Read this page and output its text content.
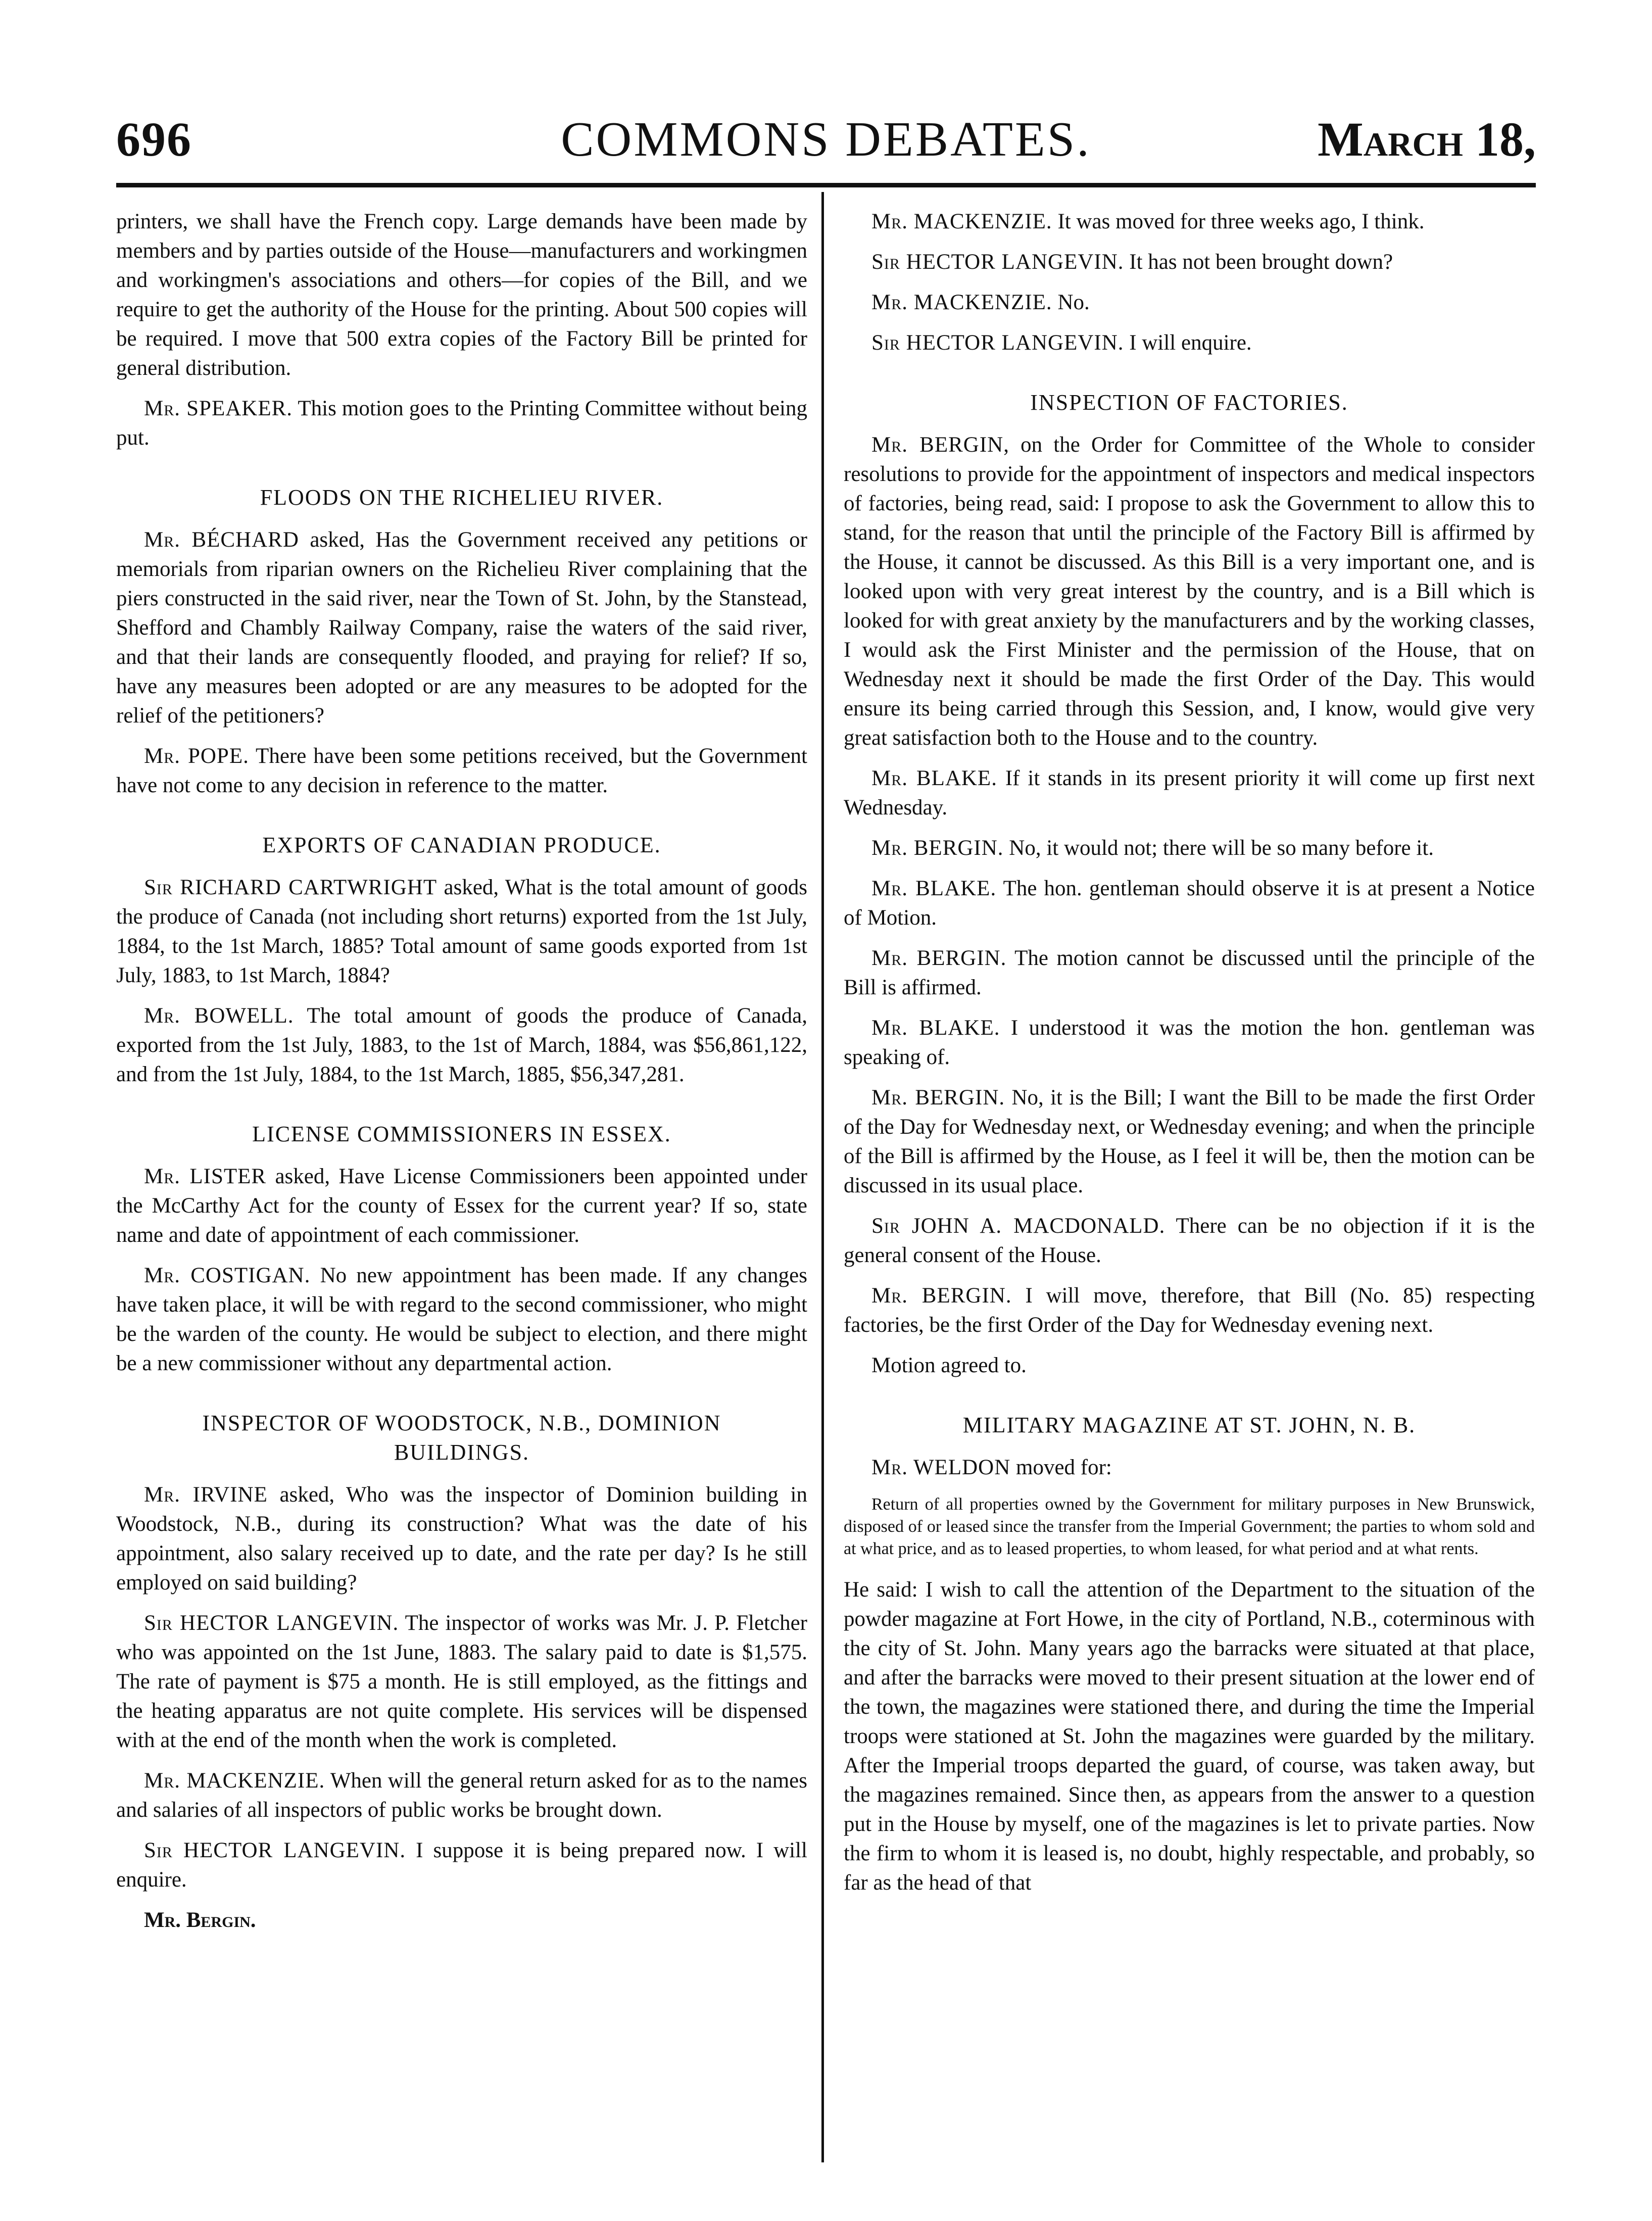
696	COMMONS DEBATES.	March 18,

printers, we shall have the French copy. Large demands have been made by members and by parties outside of the House—manufacturers and workingmen and workingmen's associations and others—for copies of the Bill, and we require to get the authority of the House for the printing. About 500 copies will be required. I move that 500 extra copies of the Factory Bill be printed for general distribution.

Mr. SPEAKER. This motion goes to the Printing Committee without being put.

FLOODS ON THE RICHELIEU RIVER.

Mr. BÉCHARD asked, Has the Government received any petitions or memorials from riparian owners on the Richelieu River complaining that the piers constructed in the said river, near the Town of St. John, by the Stanstead, Shefford and Chambly Railway Company, raise the waters of the said river, and that their lands are consequently flooded, and praying for relief? If so, have any measures been adopted or are any measures to be adopted for the relief of the petitioners?

Mr. POPE. There have been some petitions received, but the Government have not come to any decision in reference to the matter.

EXPORTS OF CANADIAN PRODUCE.

Sir RICHARD CARTWRIGHT asked, What is the total amount of goods the produce of Canada (not including short returns) exported from the 1st July, 1884, to the 1st March, 1885? Total amount of same goods exported from 1st July, 1883, to 1st March, 1884?

Mr. BOWELL. The total amount of goods the produce of Canada, exported from the 1st July, 1883, to the 1st of March, 1884, was $56,861,122, and from the 1st July, 1884, to the 1st March, 1885, $56,347,281.

LICENSE COMMISSIONERS IN ESSEX.

Mr. LISTER asked, Have License Commissioners been appointed under the McCarthy Act for the county of Essex for the current year? If so, state name and date of appointment of each commissioner.

Mr. COSTIGAN. No new appointment has been made. If any changes have taken place, it will be with regard to the second commissioner, who might be the warden of the county. He would be subject to election, and there might be a new commissioner without any departmental action.

INSPECTOR OF WOODSTOCK, N.B., DOMINION BUILDINGS.

Mr. IRVINE asked, Who was the inspector of Dominion building in Woodstock, N.B., during its construction? What was the date of his appointment, also salary received up to date, and the rate per day? Is he still employed on said building?

Sir HECTOR LANGEVIN. The inspector of works was Mr. J. P. Fletcher who was appointed on the 1st June, 1883. The salary paid to date is $1,575. The rate of payment is $75 a month. He is still employed, as the fittings and the heating apparatus are not quite complete. His services will be dispensed with at the end of the month when the work is completed.

Mr. MACKENZIE. When will the general return asked for as to the names and salaries of all inspectors of public works be brought down.

Sir HECTOR LANGEVIN. I suppose it is being prepared now. I will enquire.

Mr. Bergin.

Mr. MACKENZIE. It was moved for three weeks ago, I think.

Sir HECTOR LANGEVIN. It has not been brought down?

Mr. MACKENZIE. No.

Sir HECTOR LANGEVIN. I will enquire.

INSPECTION OF FACTORIES.

Mr. BERGIN, on the Order for Committee of the Whole to consider resolutions to provide for the appointment of inspectors and medical inspectors of factories, being read, said: I propose to ask the Government to allow this to stand, for the reason that until the principle of the Factory Bill is affirmed by the House, it cannot be discussed. As this Bill is a very important one, and is looked upon with very great interest by the country, and is a Bill which is looked for with great anxiety by the manufacturers and by the working classes, I would ask the First Minister and the permission of the House, that on Wednesday next it should be made the first Order of the Day. This would ensure its being carried through this Session, and, I know, would give very great satisfaction both to the House and to the country.

Mr. BLAKE. If it stands in its present priority it will come up first next Wednesday.

Mr. BERGIN. No, it would not; there will be so many before it.

Mr. BLAKE. The hon. gentleman should observe it is at present a Notice of Motion.

Mr. BERGIN. The motion cannot be discussed until the principle of the Bill is affirmed.

Mr. BLAKE. I understood it was the motion the hon. gentleman was speaking of.

Mr. BERGIN. No, it is the Bill; I want the Bill to be made the first Order of the Day for Wednesday next, or Wednesday evening; and when the principle of the Bill is affirmed by the House, as I feel it will be, then the motion can be discussed in its usual place.

Sir JOHN A. MACDONALD. There can be no objection if it is the general consent of the House.

Mr. BERGIN. I will move, therefore, that Bill (No. 85) respecting factories, be the first Order of the Day for Wednesday evening next.

Motion agreed to.

MILITARY MAGAZINE AT ST. JOHN, N. B.

Mr. WELDON moved for:

Return of all properties owned by the Government for military purposes in New Brunswick, disposed of or leased since the transfer from the Imperial Government; the parties to whom sold and at what price, and as to leased properties, to whom leased, for what period and at what rents.

He said: I wish to call the attention of the Department to the situation of the powder magazine at Fort Howe, in the city of Portland, N.B., coterminous with the city of St. John. Many years ago the barracks were situated at that place, and after the barracks were moved to their present situation at the lower end of the town, the magazines were stationed there, and during the time the Imperial troops were stationed at St. John the magazines were guarded by the military. After the Imperial troops departed the guard, of course, was taken away, but the magazines remained. Since then, as appears from the answer to a question put in the House by myself, one of the magazines is let to private parties. Now the firm to whom it is leased is, no doubt, highly respectable, and probably, so far as the head of that
